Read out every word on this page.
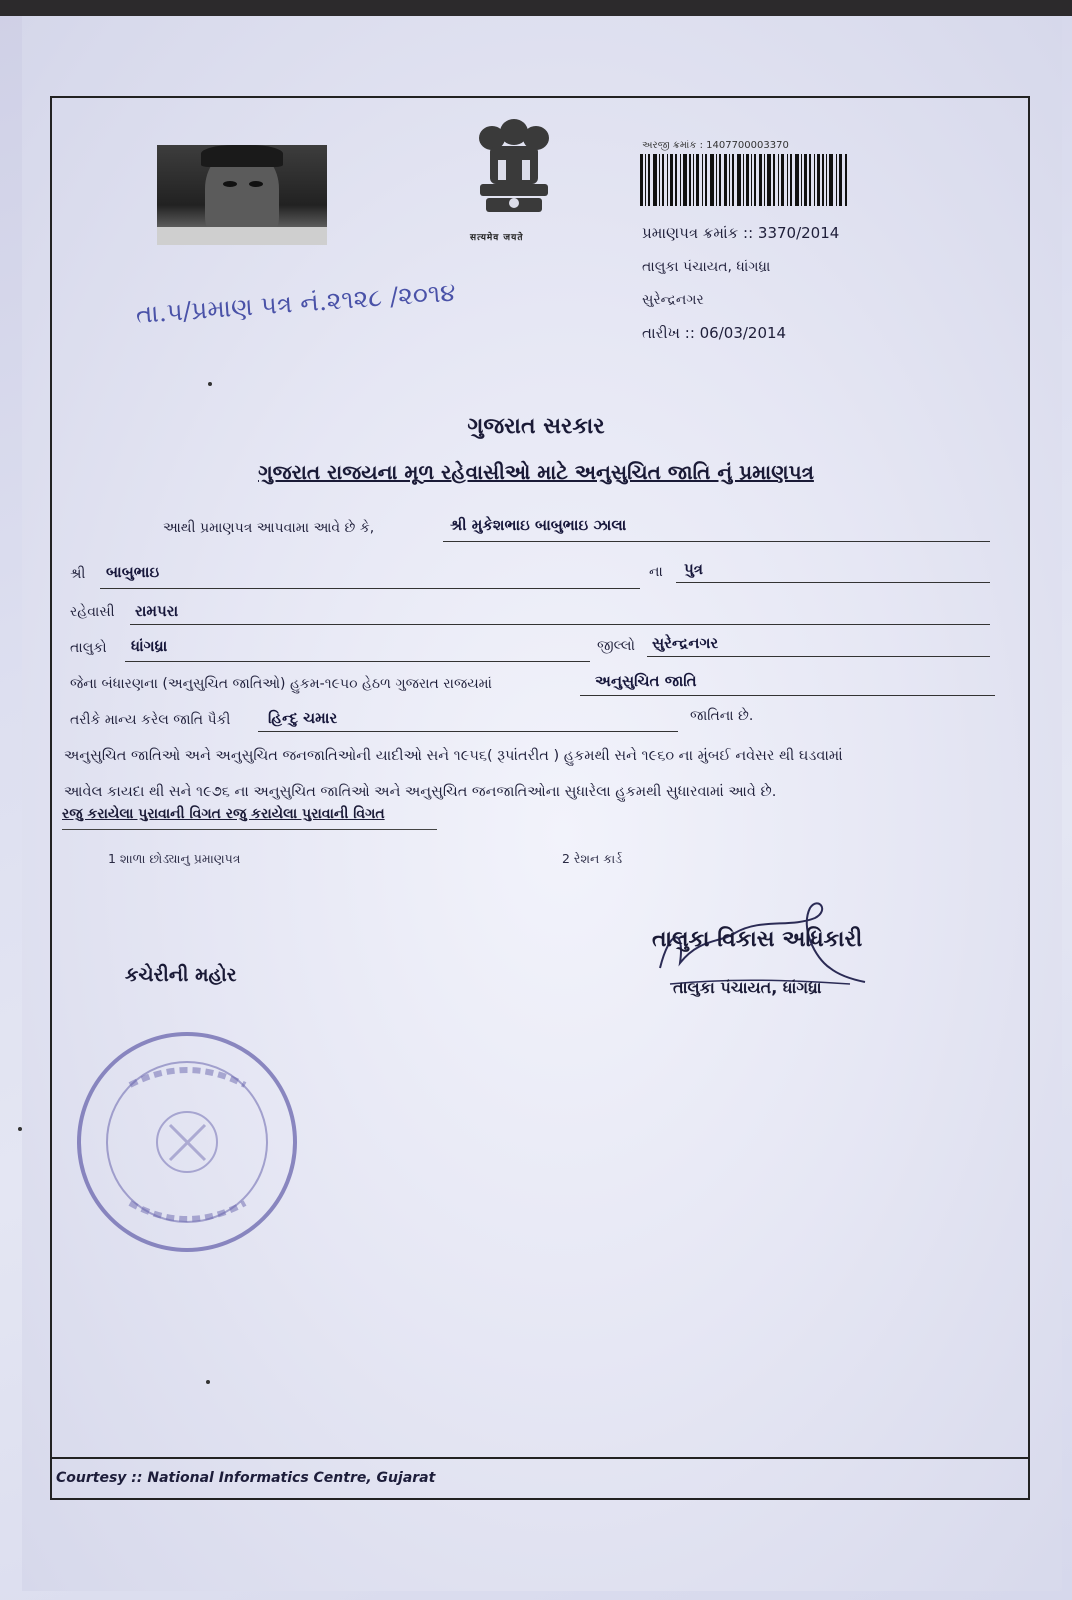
Courtesy :: National Informatics Centre, Gujarat
सत्यमेव जयते
અરજી ક્રમાંક : 1407700003370
પ્રમાણપત્ર ક્રમાંક :: 3370/2014
તાલુકા પંચાયત, ધાંગધ્રા
સુરેન્દ્રનગર
તારીખ :: 06/03/2014
તા.પ/પ્રમાણ પત્ર નં.૨૧૨૮ /૨૦૧૪
ગુજરાત સરકાર
ગુજરાત રાજયના મૂળ રહેવાસીઓ માટે અનુસુચિત જાતિ નું પ્રમાણપત્ર
આથી પ્રમાણપત્ર આપવામા આવે છે કે,	શ્રી મુકેશભાઇ બાબુભાઇ ઝાલા
શ્રી બાબુભાઇ	ના પુત્ર
રહેવાસી રામપરા
તાલુકો ધાંગધ્રા	જીલ્લો સુરેન્દ્રનગર
જેના બંધારણના (અનુસુચિત જાતિઓ) હુકમ-૧૯૫૦ હેઠળ ગુજરાત રાજયમાં	અનુસુચિત જાતિ
તરીકે માન્ય કરેલ જાતિ પૈકી	હિન્દુ ચમાર	જાતિના છે.
અનુસુચિત જાતિઓ અને અનુસુચિત જનજાતિઓની યાદીઓ સને ૧૯૫૬( રૂપાંતરીત ) હુકમથી સને ૧૯૬૦ ના મુંબઈ નવેસર થી ઘડવામાં
આવેલ કાયદા થી સને ૧૯૭૬ ના અનુસુચિત જાતિઓ અને અનુસુચિત જનજાતિઓના સુધારેલા હુકમથી સુધારવામાં આવે છે.
રજુ કરાયેલા પુરાવાની વિગત રજુ કરાયેલા પુરાવાની વિગત
1 શાળા છોડ્યાનુ પ્રમાણપત્ર	2 રેશન કાર્ડ
કચેરીની મહોર
તાલુકા વિકાસ અધિકારી
તાલુકા પંચાયત, ધાંગધ્રા
